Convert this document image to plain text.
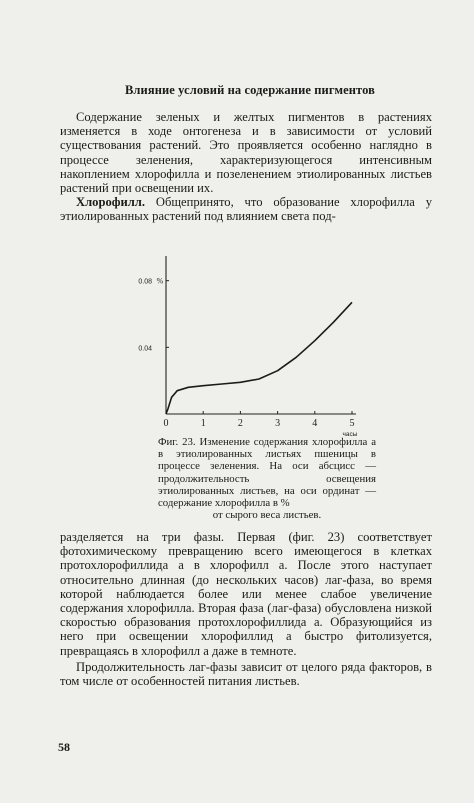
Влияние условий на содержание пигментов

Содержание зеленых и желтых пигментов в растениях изменяется в ходе онтогенеза и в зависимости от условий существования растений. Это проявляется особенно наглядно в процессе зеленения, характеризующегося интенсивным накоплением хлорофилла и позеленением этиолированных листьев растений при освещении их.

Хлорофилл. Общепринято, что образование хлорофилла у этиолированных растений под влиянием света под-

0	1	2	3	4	5
часы
0.04
0.08 %
Фиг. 23. Изменение содержания хлорофилла а в этиолированных листьях пшеницы в процессе зеленения. На оси абсцисс — продолжительность освещения этиолированных листьев, на оси ординат — содержание хлорофилла в %
от сырого веса листьев.

разделяется на три фазы. Первая (фиг. 23) соответствует фотохимическому превращению всего имеющегося в клетках протохлорофиллида а в хлорофилл а. После этого наступает относительно длинная (до нескольких часов) лаг-фаза, во время которой наблюдается более или менее слабое увеличение содержания хлорофилла. Вторая фаза (лаг-фаза) обусловлена низкой скоростью образования протохлорофиллида а. Образующийся из него при освещении хлорофиллид а быстро фитолизуется, превращаясь в хлорофилл а даже в темноте.

Продолжительность лаг-фазы зависит от целого ряда факторов, в том числе от особенностей питания листьев.

58
